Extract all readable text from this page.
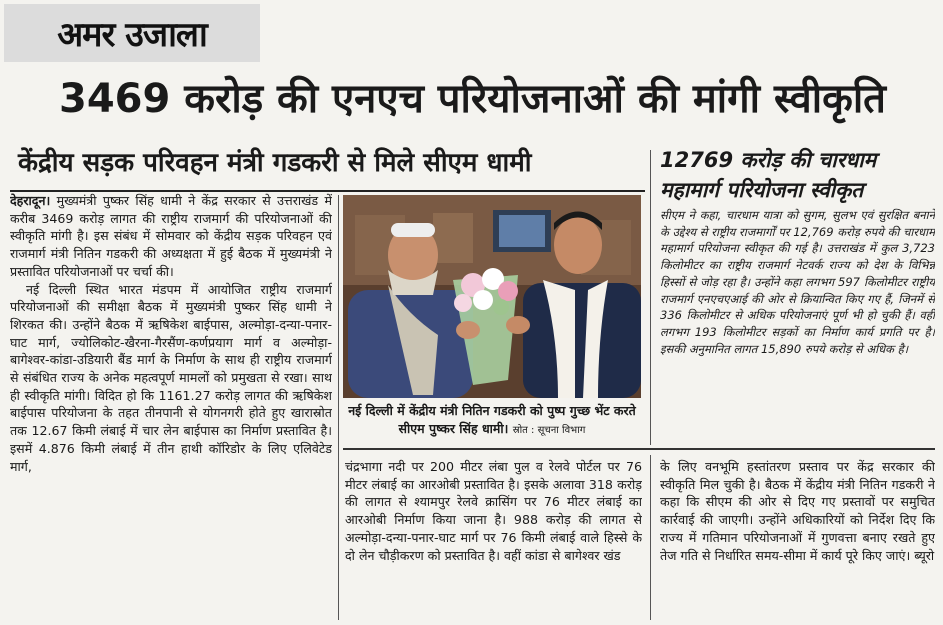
अमर उजाला
3469 करोड़ की एनएच परियोजनाओं की मांगी स्वीकृति
केंद्रीय सड़क परिवहन मंत्री गडकरी से मिले सीएम धामी	12769 करोड़ की चारधाम महामार्ग परियोजना स्वीकृत
सीएम ने कहा, चारधाम यात्रा को सुगम, सुलभ एवं सुरक्षित बनाने के उद्देश्य से राष्ट्रीय राजमार्गों पर 12,769 करोड़ रुपये की चारधाम महामार्ग परियोजना स्वीकृत की गई है। उत्तराखंड में कुल 3,723 किलोमीटर का राष्ट्रीय राजमार्ग नेटवर्क राज्य को देश के विभिन्न हिस्सों से जोड़ रहा है। उन्होंने कहा लगभग 597 किलोमीटर राष्ट्रीय राजमार्ग एनएचएआई की ओर से क्रियान्वित किए गए हैं, जिनमें से 336 किलोमीटर से अधिक परियोजनाएं पूर्ण भी हो चुकी हैं। वहीं लगभग 193 किलोमीटर सड़कों का निर्माण कार्य प्रगति पर है। इसकी अनुमानित लागत 15,890 रुपये करोड़ से अधिक है।

देहरादून। मुख्यमंत्री पुष्कर सिंह धामी ने केंद्र सरकार से उत्तराखंड में करीब 3469 करोड़ लागत की राष्ट्रीय राजमार्ग की परियोजनाओं की स्वीकृति मांगी है। इस संबंध में सोमवार को केंद्रीय सड़क परिवहन एवं राजमार्ग मंत्री नितिन गडकरी की अध्यक्षता में हुई बैठक में मुख्यमंत्री ने प्रस्तावित परियोजनाओं पर चर्चा की।

नई दिल्ली स्थित भारत मंडपम में आयोजित राष्ट्रीय राजमार्ग परियोजनाओं की समीक्षा बैठक में मुख्यमंत्री पुष्कर सिंह धामी ने शिरकत की। उन्होंने बैठक में ऋषिकेश बाईपास, अल्मोड़ा-दन्या-पनार-घाट मार्ग, ज्योलिकोट-खैरना-गैरसैंण-कर्णप्रयाग मार्ग व अल्मोड़ा-बागेश्वर-कांडा-उडियारी बैंड मार्ग के निर्माण के साथ ही राष्ट्रीय राजमार्ग से संबंधित राज्य के अनेक महत्वपूर्ण मामलों को प्रमुखता से रखा। साथ ही स्वीकृति मांगी। विदित हो कि 1161.27 करोड़ लागत की ऋषिकेश बाईपास परियोजना के तहत तीनपानी से योगनगरी होते हुए खारास्रोत तक 12.67 किमी लंबाई में चार लेन बाईपास का निर्माण प्रस्तावित है। इसमें 4.876 किमी लंबाई में तीन हाथी कॉरिडोर के लिए एलिवेटेड मार्ग,

नई दिल्ली में केंद्रीय मंत्री नितिन गडकरी को पुष्प गुच्छ भेंट करते सीएम पुष्कर सिंह धामी। स्रोत : सूचना विभाग

चंद्रभागा नदी पर 200 मीटर लंबा पुल व रेलवे पोर्टल पर 76 मीटर लंबाई का आरओबी प्रस्तावित है। इसके अलावा 318 करोड़ की लागत से श्यामपुर रेलवे क्रासिंग पर 76 मीटर लंबाई का आरओबी निर्माण किया जाना है। 988 करोड़ की लागत से अल्मोड़ा-दन्या-पनार-घाट मार्ग पर 76 किमी लंबाई वाले हिस्से के दो लेन चौड़ीकरण को प्रस्तावित है। वहीं कांडा से बागेश्वर खंड

के लिए वनभूमि हस्तांतरण प्रस्ताव पर केंद्र सरकार की स्वीकृति मिल चुकी है। बैठक में केंद्रीय मंत्री नितिन गडकरी ने कहा कि सीएम की ओर से दिए गए प्रस्तावों पर समुचित कार्रवाई की जाएगी। उन्होंने अधिकारियों को निर्देश दिए कि राज्य में गतिमान परियोजनाओं में गुणवत्ता बनाए रखते हुए तेज गति से निर्धारित समय-सीमा में कार्य पूरे किए जाएं। ब्यूरो
